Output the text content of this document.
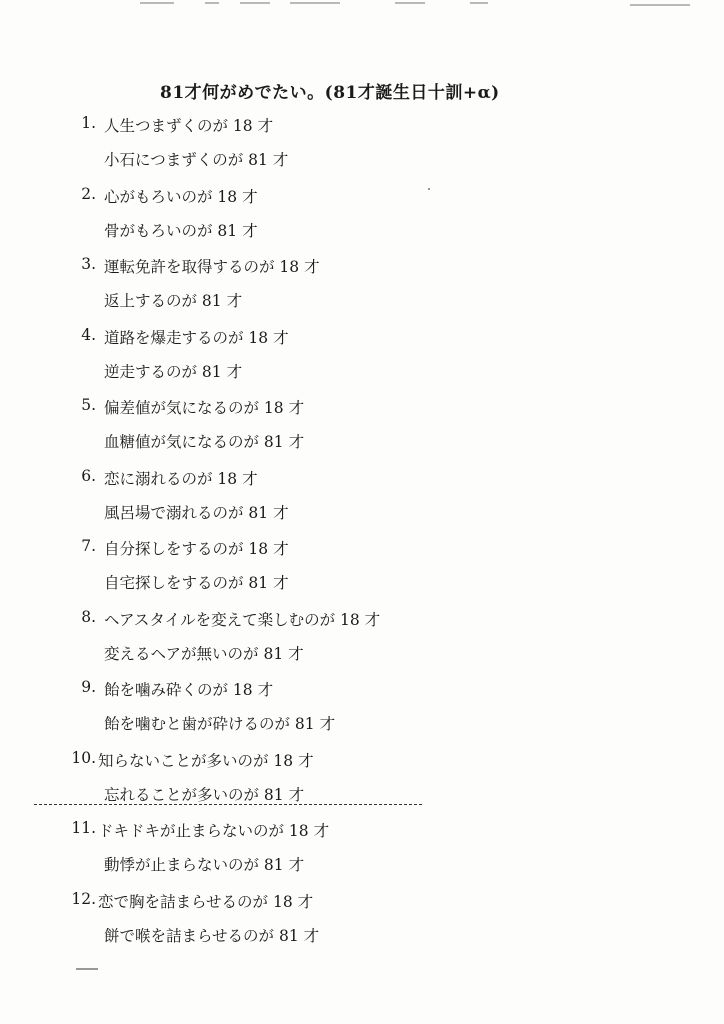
81才何がめでたい。(81才誕生日十訓+α)
1. 人生つまずくのが 18 才
小石につまずくのが 81 才
2. 心がもろいのが 18 才
骨がもろいのが 81 才
3. 運転免許を取得するのが 18 才
返上するのが 81 才
4. 道路を爆走するのが 18 才
逆走するのが 81 才
5. 偏差値が気になるのが 18 才
血糖値が気になるのが 81 才
6. 恋に溺れるのが 18 才
風呂場で溺れるのが 81 才
7. 自分探しをするのが 18 才
自宅探しをするのが 81 才
8. ヘアスタイルを変えて楽しむのが 18 才
変えるヘアが無いのが 81 才
9. 飴を噛み砕くのが 18 才
飴を噛むと歯が砕けるのが 81 才
10. 知らないことが多いのが 18 才
忘れることが多いのが 81 才
11. ドキドキが止まらないのが 18 才
動悸が止まらないのが 81 才
12. 恋で胸を詰まらせるのが 18 才
餅で喉を詰まらせるのが 81 才
